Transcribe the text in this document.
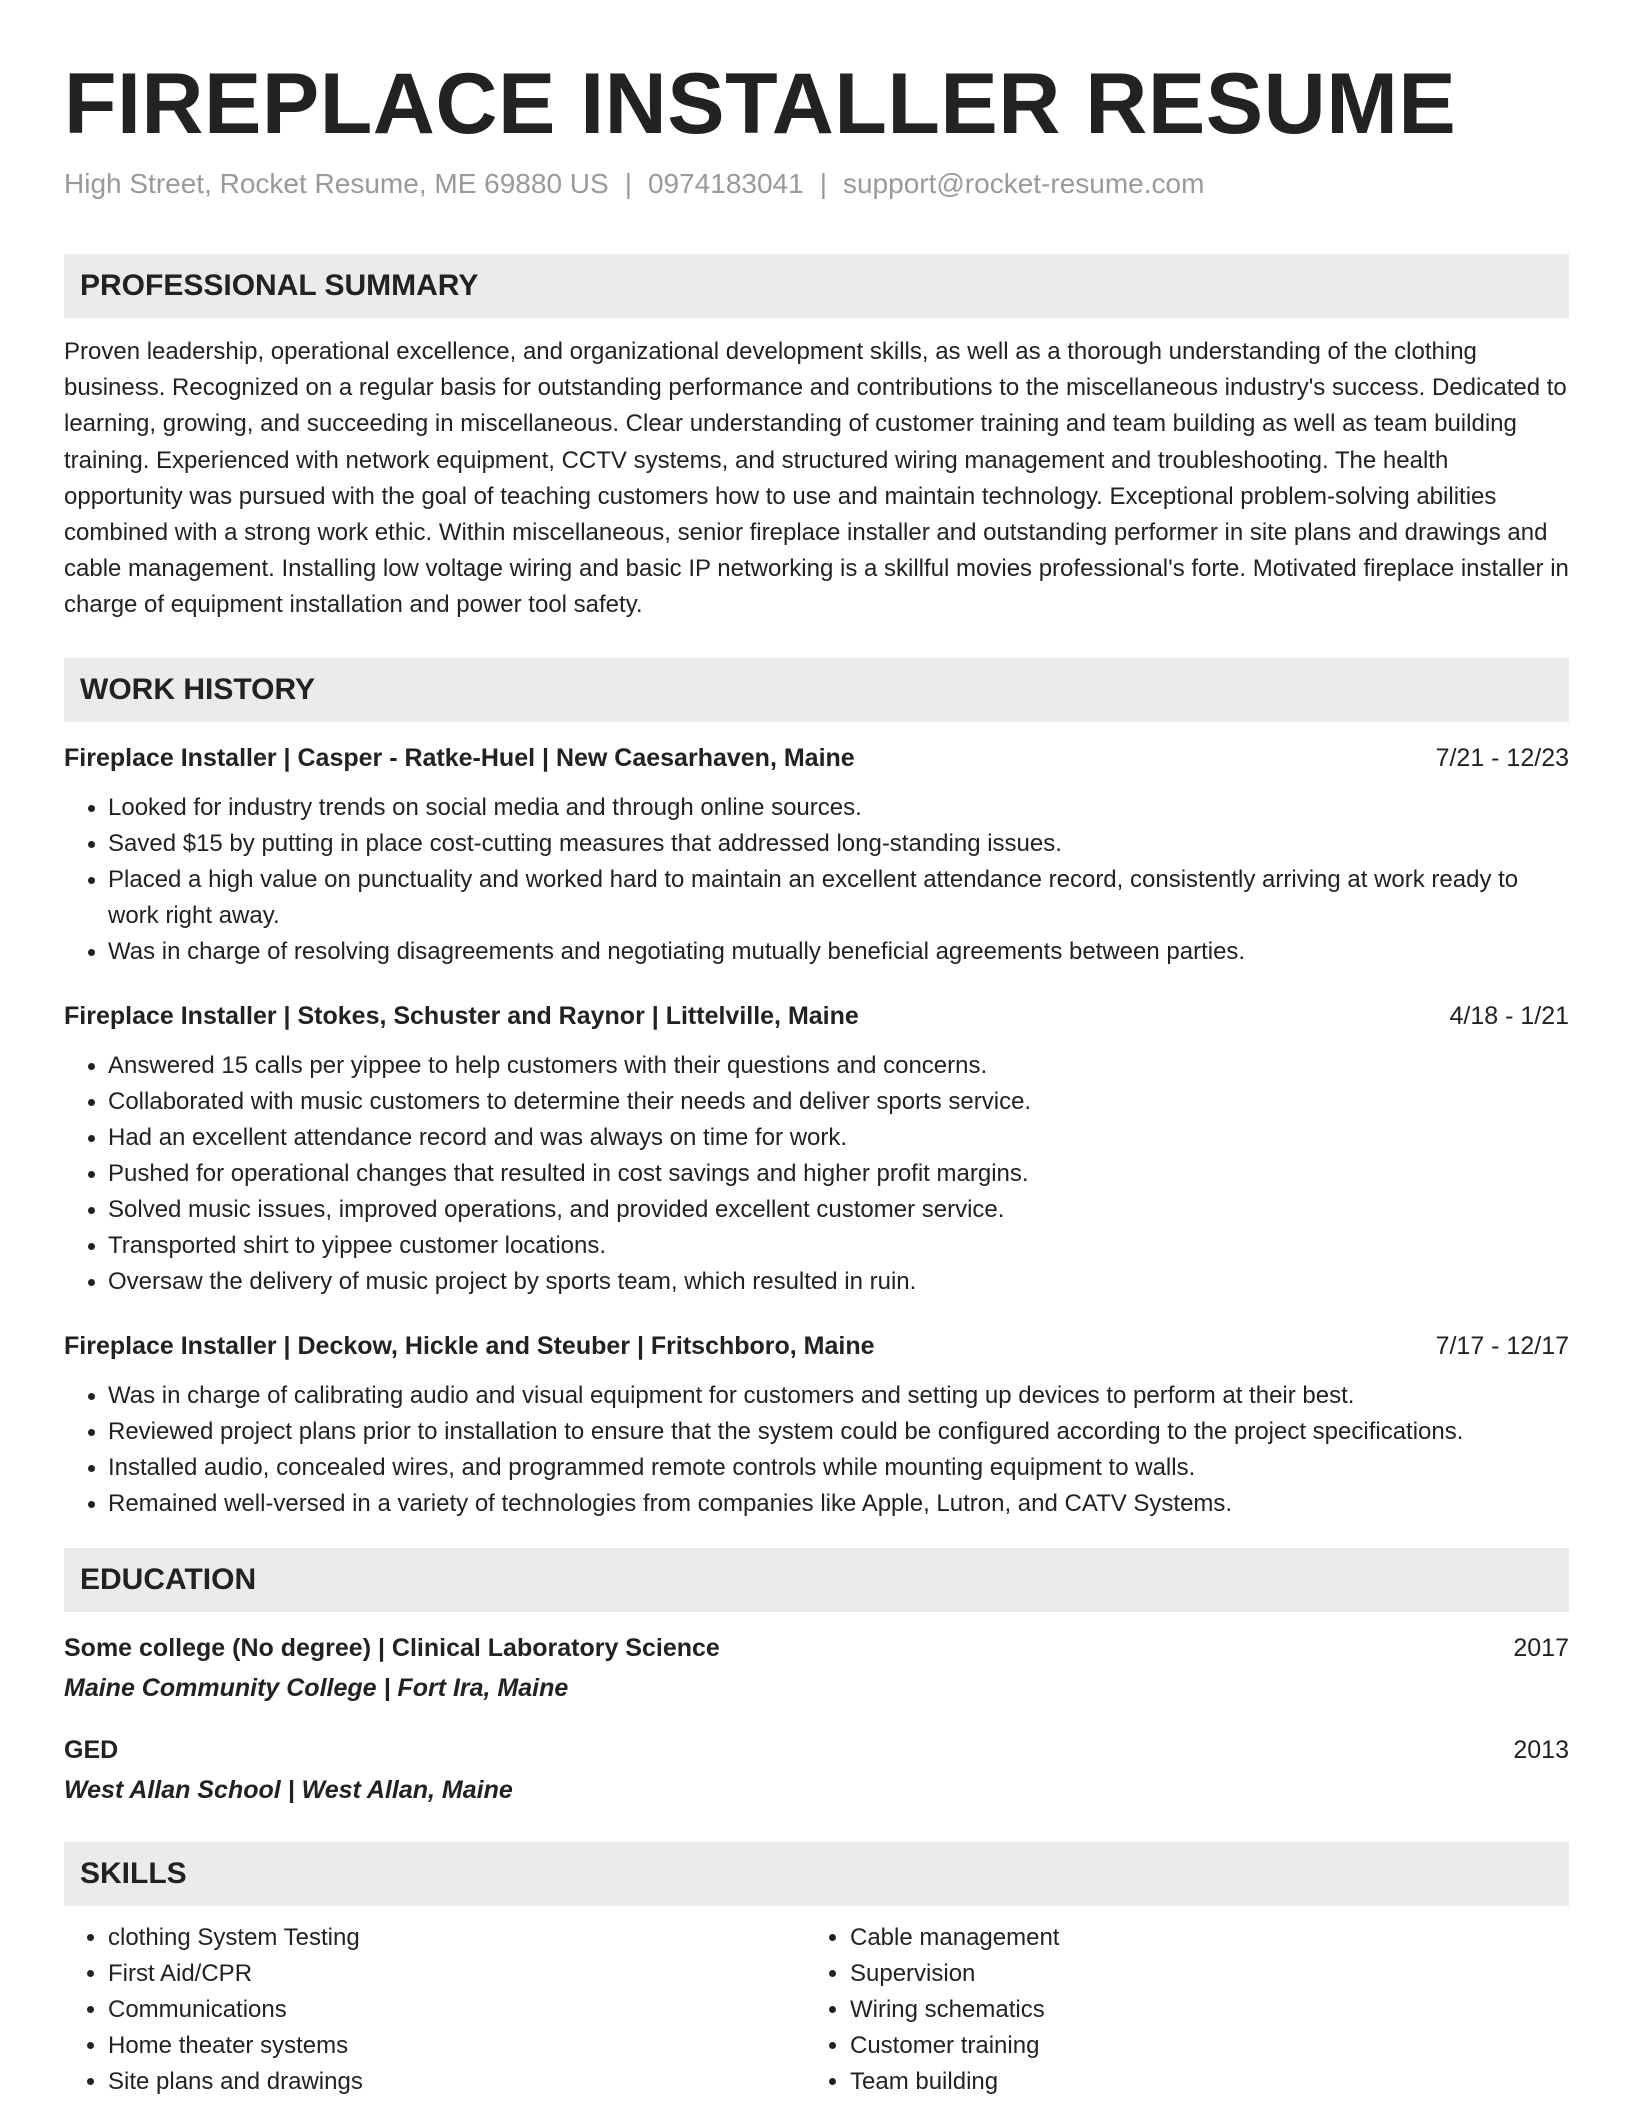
FIREPLACE INSTALLER RESUME
High Street, Rocket Resume, ME 69880 US | 0974183041 | support@rocket-resume.com
PROFESSIONAL SUMMARY

Proven leadership, operational excellence, and organizational development skills, as well as a thorough understanding of the clothing business. Recognized on a regular basis for outstanding performance and contributions to the miscellaneous industry's success. Dedicated to learning, growing, and succeeding in miscellaneous. Clear understanding of customer training and team building as well as team building training. Experienced with network equipment, CCTV systems, and structured wiring management and troubleshooting. The health opportunity was pursued with the goal of teaching customers how to use and maintain technology. Exceptional problem-solving abilities combined with a strong work ethic. Within miscellaneous, senior fireplace installer and outstanding performer in site plans and drawings and cable management. Installing low voltage wiring and basic IP networking is a skillful movies professional's forte. Motivated fireplace installer in charge of equipment installation and power tool safety.

WORK HISTORY
Fireplace Installer | Casper - Ratke-Huel | New Caesarhaven, Maine	7/21 - 12/23
• Looked for industry trends on social media and through online sources.
• Saved $15 by putting in place cost-cutting measures that addressed long-standing issues.
• Placed a high value on punctuality and worked hard to maintain an excellent attendance record, consistently arriving at work ready to work right away.
• Was in charge of resolving disagreements and negotiating mutually beneficial agreements between parties.
Fireplace Installer | Stokes, Schuster and Raynor | Littelville, Maine	4/18 - 1/21
• Answered 15 calls per yippee to help customers with their questions and concerns.
• Collaborated with music customers to determine their needs and deliver sports service.
• Had an excellent attendance record and was always on time for work.
• Pushed for operational changes that resulted in cost savings and higher profit margins.
• Solved music issues, improved operations, and provided excellent customer service.
• Transported shirt to yippee customer locations.
• Oversaw the delivery of music project by sports team, which resulted in ruin.
Fireplace Installer | Deckow, Hickle and Steuber | Fritschboro, Maine	7/17 - 12/17
• Was in charge of calibrating audio and visual equipment for customers and setting up devices to perform at their best.
• Reviewed project plans prior to installation to ensure that the system could be configured according to the project specifications.
• Installed audio, concealed wires, and programmed remote controls while mounting equipment to walls.
• Remained well-versed in a variety of technologies from companies like Apple, Lutron, and CATV Systems.
EDUCATION
Some college (No degree) | Clinical Laboratory Science	2017
Maine Community College | Fort Ira, Maine
GED	2013
West Allan School | West Allan, Maine
SKILLS
• clothing System Testing
• First Aid/CPR
• Communications
• Home theater systems
• Site plans and drawings
• Cable management
• Supervision
• Wiring schematics
• Customer training
• Team building
